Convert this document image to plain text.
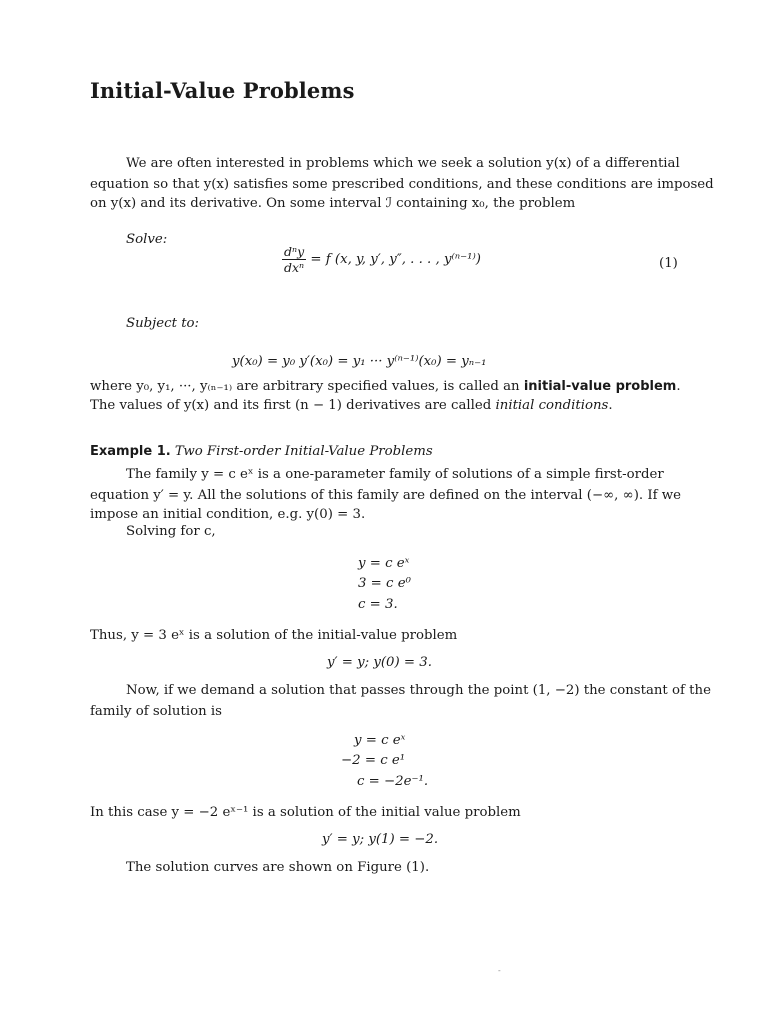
Initial-Value Problems
We are often interested in problems which we seek a solution y(x) of a differential
equation so that y(x) satisfies some prescribed conditions, and these conditions are imposed
on y(x) and its derivative. On some interval ℐ containing x₀, the problem
Solve:
$\frac{\text{dⁿy}}{\text{dxⁿ}} = f$ (x, y, y′, y″, . . . , y⁽ⁿ⁻¹⁾)	(1)
Subject to:
y(x₀) = y₀ y′(x₀) = y₁ ··· y⁽ⁿ⁻¹⁾(x₀) = yₙ₋₁
where y₀, y₁, ···, y₍ₙ₋₁₎ are arbitrary specified values, is called an initial-value problem.
The values of y(x) and its first (n − 1) derivatives are called initial conditions.
Example 1. Two First-order Initial-Value Problems
The family y = c eˣ is a one-parameter family of solutions of a simple first-order
equation y′ = y. All the solutions of this family are defined on the interval (−∞, ∞). If we
impose an initial condition, e.g. y(0) = 3.
Solving for c,
y = c eˣ
3 = c e⁰
c = 3.
Thus, y = 3 eˣ is a solution of the initial-value problem
y′ = y; y(0) = 3.
Now, if we demand a solution that passes through the point (1, −2) the constant of the
family of solution is
y = c eˣ
−2 = c e¹
c = −2e⁻¹.
In this case y = −2 eˣ⁻¹ is a solution of the initial value problem
y′ = y; y(1) = −2.
The solution curves are shown on Figure (1).
-
